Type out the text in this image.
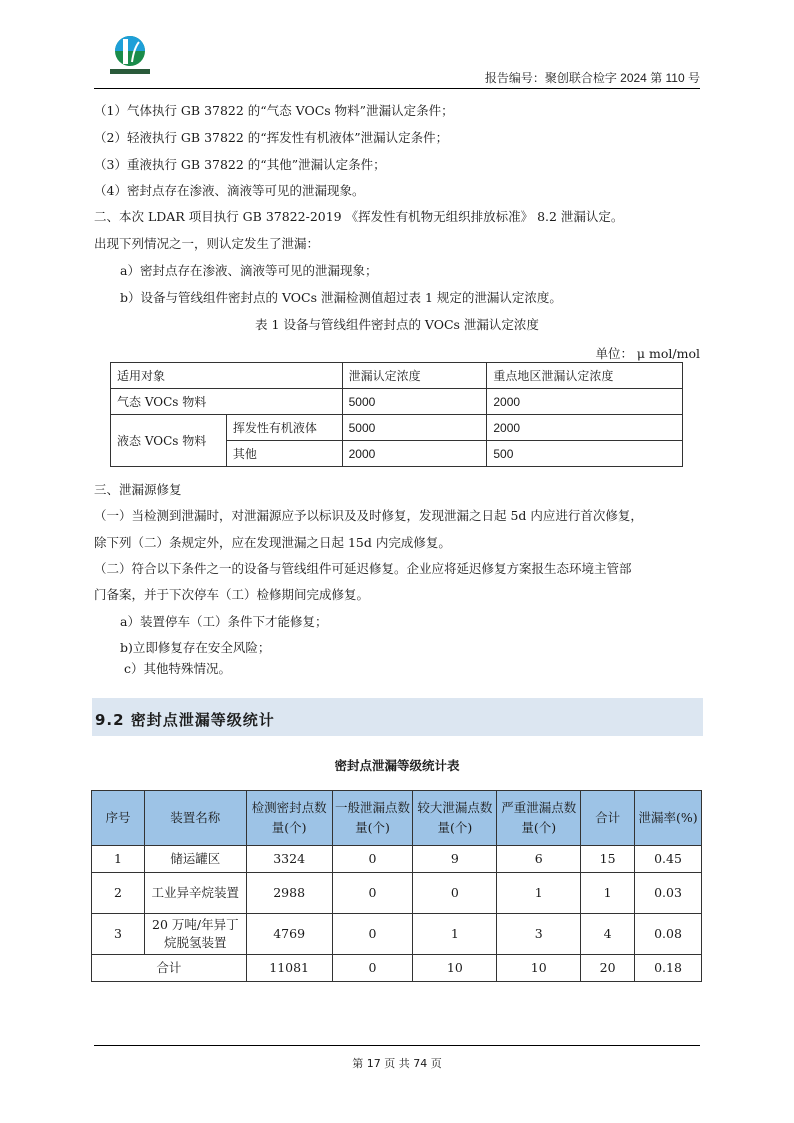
报告编号：聚创联合检字 2024 第 110 号
（1）气体执行 GB 37822 的“气态 VOCs 物料”泄漏认定条件；
（2）轻液执行 GB 37822 的“挥发性有机液体”泄漏认定条件；
（3）重液执行 GB 37822 的“其他”泄漏认定条件；
（4）密封点存在渗液、滴液等可见的泄漏现象。
二、本次 LDAR 项目执行 GB 37822-2019 《挥发性有机物无组织排放标准》 8.2 泄漏认定。
出现下列情况之一，则认定发生了泄漏：
a）密封点存在渗液、滴液等可见的泄漏现象；
b）设备与管线组件密封点的 VOCs 泄漏检测值超过表 1 规定的泄漏认定浓度。
表 1 设备与管线组件密封点的 VOCs 泄漏认定浓度
单位： μ mol/mol
适用对象		泄漏认定浓度	重点地区泄漏认定浓度
气态 VOCs 物料		5000	2000
液态 VOCs 物料	挥发性有机液体	5000	2000
	其他	2000	500
三、泄漏源修复
（一）当检测到泄漏时，对泄漏源应予以标识及及时修复，发现泄漏之日起 5d 内应进行首次修复，
除下列（二）条规定外，应在发现泄漏之日起 15d 内完成修复。
（二）符合以下条件之一的设备与管线组件可延迟修复。企业应将延迟修复方案报生态环境主管部
门备案，并于下次停车（工）检修期间完成修复。
a）装置停车（工）条件下才能修复；
b)立即修复存在安全风险；
c）其他特殊情况。
9.2 密封点泄漏等级统计
密封点泄漏等级统计表
序号	装置名称	检测密封点数量(个)	一般泄漏点数量(个)	较大泄漏点数量(个)	严重泄漏点数量(个)	合计	泄漏率(%)
1	储运罐区	3324	0	9	6	15	0.45
2	工业异辛烷装置	2988	0	0	1	1	0.03
3	20 万吨/年异丁烷脱氢装置	4769	0	1	3	4	0.08
合计		11081	0	10	10	20	0.18
第 17 页 共 74 页
